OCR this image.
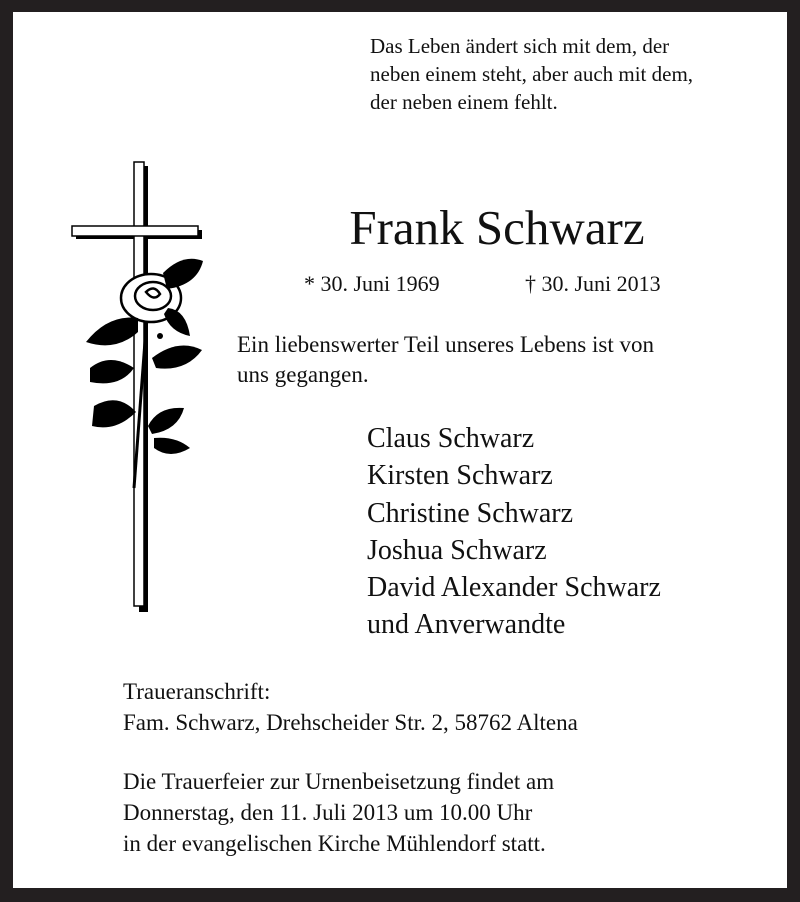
Das Leben ändert sich mit dem, der
neben einem steht, aber auch mit dem,
der neben einem fehlt.
Frank Schwarz
* 30. Juni 1969	† 30. Juni 2013
Ein liebenswerter Teil unseres Lebens ist von
uns gegangen.
Claus Schwarz
Kirsten Schwarz
Christine Schwarz
Joshua Schwarz
David Alexander Schwarz
und Anverwandte
Traueranschrift:
Fam. Schwarz, Drehscheider Str. 2, 58762 Altena
Die Trauerfeier zur Urnenbeisetzung findet am
Donnerstag, den 11. Juli 2013 um 10.00 Uhr
in der evangelischen Kirche Mühlendorf statt.
